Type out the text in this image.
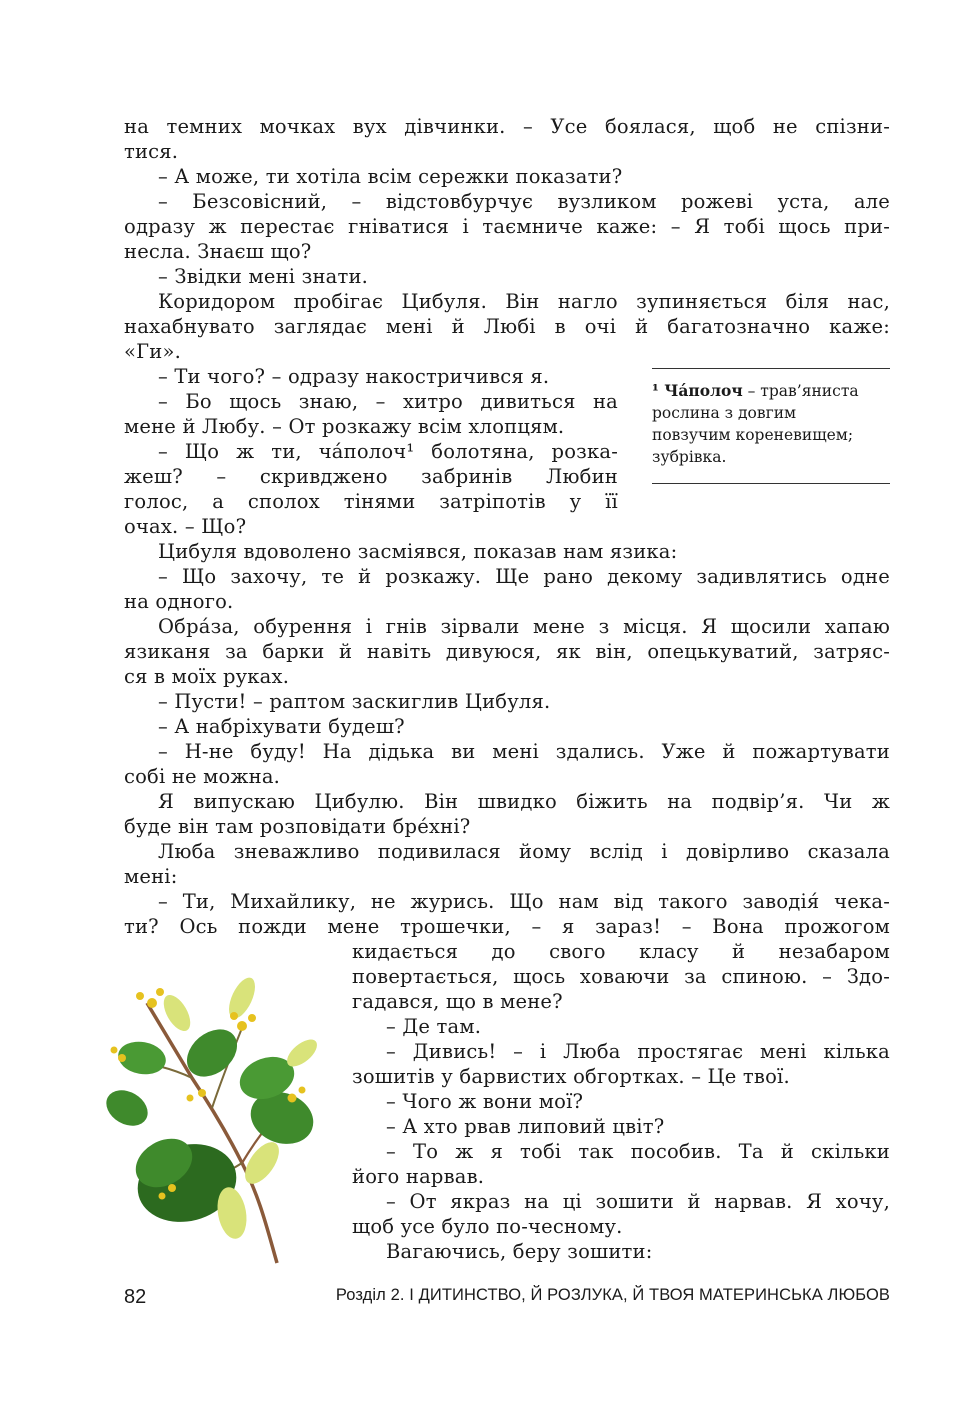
на темних мочках вух дівчинки. – Усе боялася, щоб не спізни-

тися.

– А може, ти хотіла всім сережки показати?

– Безсовісний, – відстовбурчує вузликом рожеві уста, але

одразу ж перестає гніватися і таємниче каже: – Я тобі щось при-

несла. Знаєш що?

– Звідки мені знати.

Коридором пробігає Цибуля. Він нагло зупиняється біля нас,

нахабнувато заглядає мені й Любі в очі й багатозначно каже:

«Ги».

– Ти чого? – одразу накостричився я.

– Бо щось знаю, – хитро дивиться на

мене й Любу. – От розкажу всім хлопцям.

– Що ж ти, ча́полоч¹ болотяна, розка-

жеш? – скривджено забринів Любин

голос, а сполох тінями затріпотів у її

очах. – Що?

Цибуля вдоволено засміявся, показав нам язика:

– Що захочу, те й розкажу. Ще рано декому задивлятись одне

на одного.

Обра́за, обурення і гнів зірвали мене з місця. Я щосили хапаю

язиканя за барки й навіть дивуюся, як він, опецькуватий, затряс-

ся в моїх руках.

– Пусти! – раптом заскиглив Цибуля.

– А набріхувати будеш?

– Н-не буду! На дідька ви мені здались. Уже й пожартувати

собі не можна.

Я випускаю Цибулю. Він швидко біжить на подвір’я. Чи ж

буде він там розповідати бре́хні?

Люба зневажливо подивилася йому вслід і довірливо сказала

мені:

– Ти, Михайлику, не журись. Що нам від такого заводія́ чека-

ти? Ось пожди мене трошечки, – я зараз! – Вона прожогом

кидається до свого класу й незабаром

повертається, щось ховаючи за спиною. – Здо-

гадався, що в мене?

– Де там.

– Дивись! – і Люба простягає мені кілька

зошитів у барвистих обгортках. – Це твої.

– Чого ж вони мої?

– А хто рвав липовий цвіт?

– То ж я тобі так пособив. Та й скільки

його нарвав.

– От якраз на ці зошити й нарвав. Я хочу,

щоб усе було по-чесному.

Вагаючись, беру зошити:

¹ Ча́полоч – трав’яниста
рослина з довгим
повзучим кореневищем;
зубрівка.
82	Розділ 2. І ДИТИНСТВО, Й РОЗЛУКА, Й ТВОЯ МАТЕРИНСЬКА ЛЮБОВ
